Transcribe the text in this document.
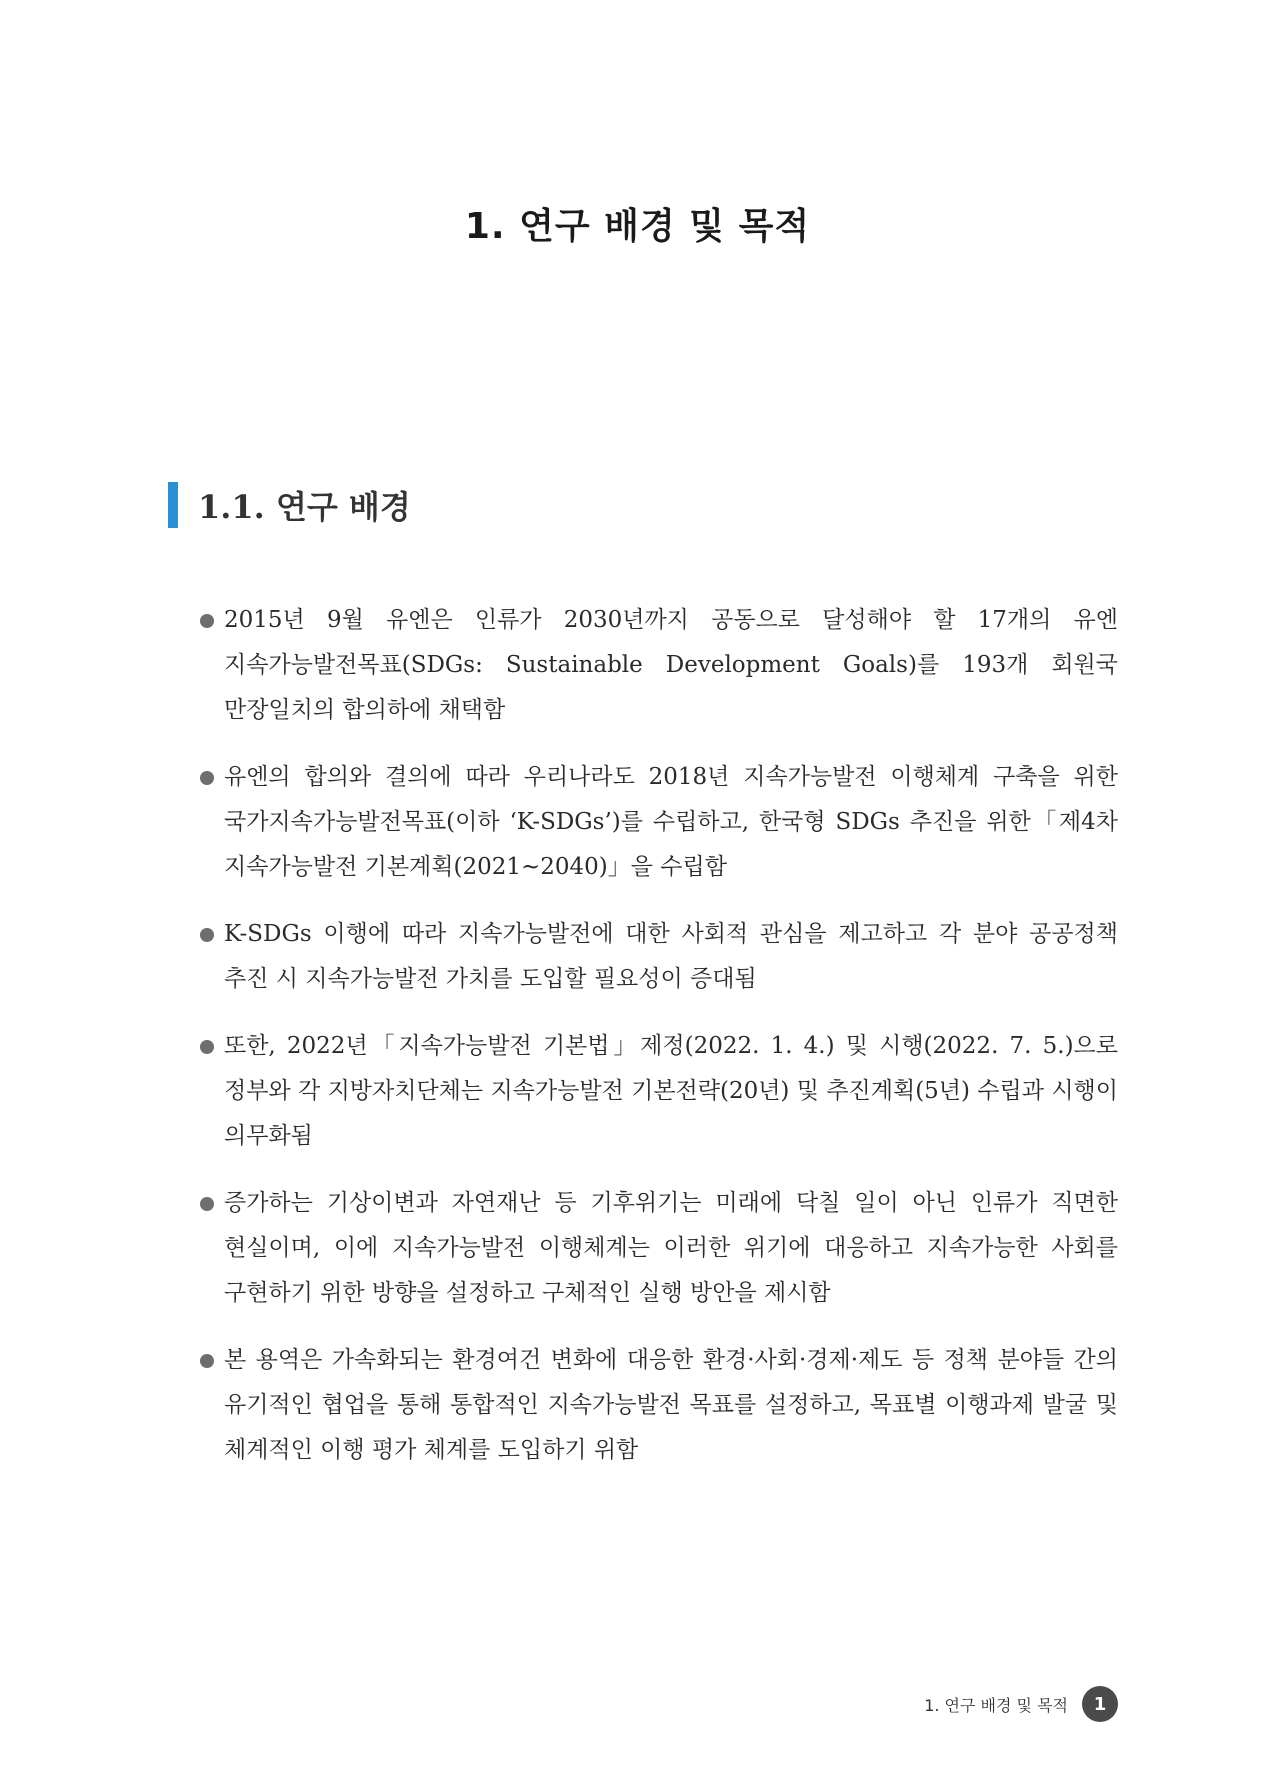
1. 연구 배경 및 목적
1.1. 연구 배경
2015년 9월 유엔은 인류가 2030년까지 공동으로 달성해야 할 17개의 유엔 지속가능발전목표(SDGs: Sustainable Development Goals)를 193개 회원국 만장일치의 합의하에 채택함
유엔의 합의와 결의에 따라 우리나라도 2018년 지속가능발전 이행체계 구축을 위한 국가지속가능발전목표(이하 ‘K-SDGs’)를 수립하고, 한국형 SDGs 추진을 위한「제4차 지속가능발전 기본계획(2021~2040)」을 수립함
K-SDGs 이행에 따라 지속가능발전에 대한 사회적 관심을 제고하고 각 분야 공공정책 추진 시 지속가능발전 가치를 도입할 필요성이 증대됨
또한, 2022년「지속가능발전 기본법」제정(2022. 1. 4.) 및 시행(2022. 7. 5.)으로 정부와 각 지방자치단체는 지속가능발전 기본전략(20년) 및 추진계획(5년) 수립과 시행이 의무화됨
증가하는 기상이변과 자연재난 등 기후위기는 미래에 닥칠 일이 아닌 인류가 직면한 현실이며, 이에 지속가능발전 이행체계는 이러한 위기에 대응하고 지속가능한 사회를 구현하기 위한 방향을 설정하고 구체적인 실행 방안을 제시함
본 용역은 가속화되는 환경여건 변화에 대응한 환경·사회·경제·제도 등 정책 분야들 간의 유기적인 협업을 통해 통합적인 지속가능발전 목표를 설정하고, 목표별 이행과제 발굴 및 체계적인 이행 평가 체계를 도입하기 위함
1. 연구 배경 및 목적	1
